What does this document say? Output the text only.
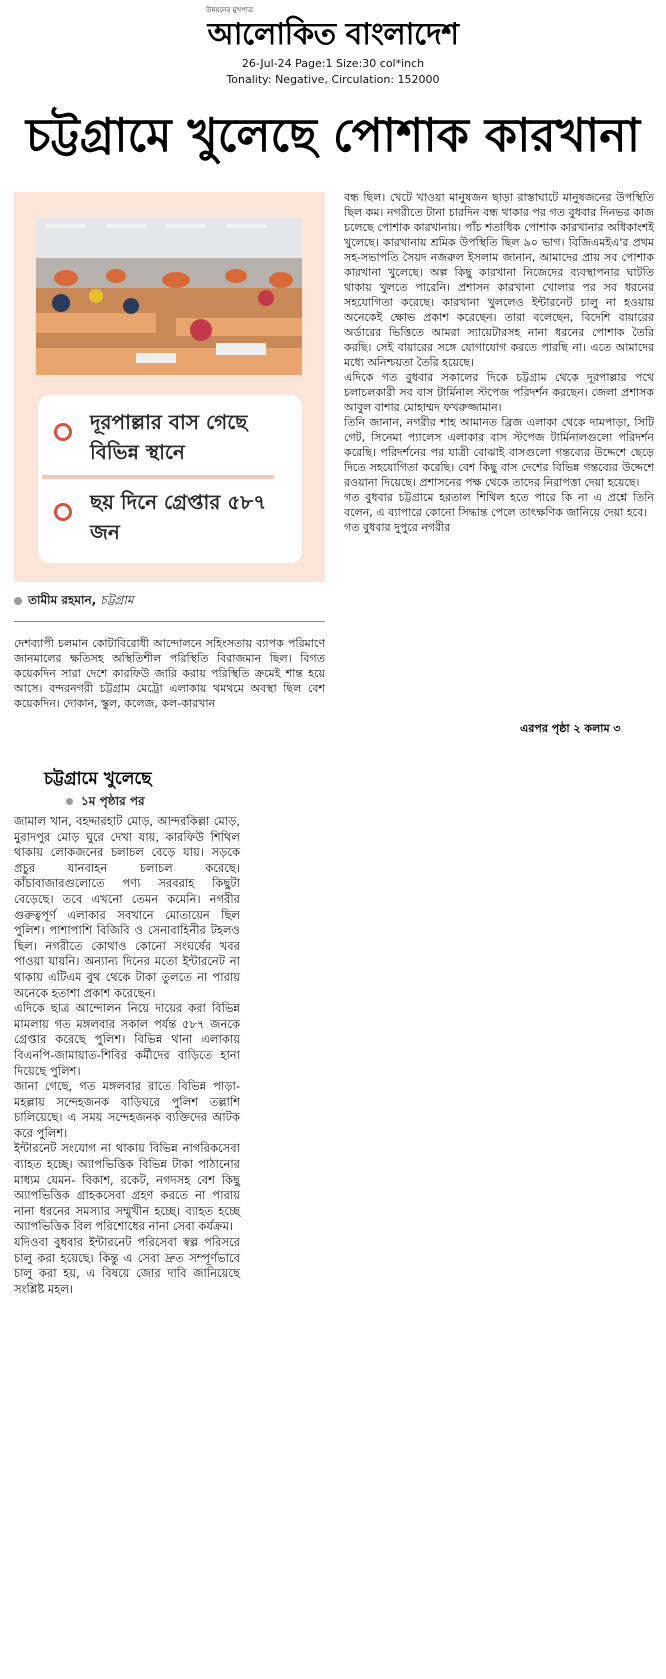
উন্নয়নের মুখপাত্র
আলোকিত বাংলাদেশ
26-Jul-24 Page:1 Size:30 col*inch
Tonality: Negative, Circulation: 152000
চট্টগ্রামে খুলেছে পোশাক কারখানা
দূরপাল্লার বাস গেছে বিভিন্ন স্থানে
ছয় দিনে গ্রেপ্তার ৫৮৭ জন
তামীম রহমান, চট্টগ্রাম

দেশব্যাপী চলমান কোটাবিরোধী আন্দোলনে সহিংসতায় ব্যাপক পরিমাণে জানমালের ক্ষতিসহ অস্থিতিশীল পরিস্থিতি বিরাজমান ছিল। বিগত কয়েকদিন সারা দেশে কারফিউ জারি করায় পরিস্থিতি ক্রমেই শান্ত হয়ে আসে। বন্দরনগরী চট্টগ্রাম মেট্রো এলাকায় থমথমে অবস্থা ছিল বেশ কয়েকদিন। দোকান, স্কুল, কলেজ, কল-কারখান

বন্ধ ছিল। খেটে খাওয়া মানুষজন ছাড়া রাস্তাঘাটে মানুষজনের উপস্থিতি ছিল কম। নগরীতে টানা চারদিন বন্ধ থাকার পর গত বুধবার দিনভর কাজ চলেছে পোশাক কারখানায়। পাঁচ শতাধিক পোশাক কারখানার অধিকাংশই খুলেছে। কারখানায় শ্রমিক উপস্থিতি ছিল ৯০ ভাগ। বিজিএমইএ'র প্রথম সহ-সভাপতি সৈয়দ নজরুল ইসলাম জানান, আমাদের প্রায় সব পোশাক কারখানা খুলেছে। অল্প কিছু কারখানা নিজেদের ব্যবস্থাপনার ঘাটতি থাকায় খুলতে পারেনি। প্রশাসন কারখানা খোলার পর সব ধরনের সহযোগিতা করেছে। কারখানা খুললেও ইন্টারনেট চালু না হওয়ায় অনেকেই ক্ষোভ প্রকাশ করেছেন। তারা বলেছেন, বিদেশি বায়ারের অর্ডারের ভিত্তিতে আমরা স্যায়েটারসহ নানা ধরনের পোশাক তৈরি করছি। সেই বায়ারের সঙ্গে যোগাযোগ করতে পারছি না। এতে আমাদের মধ্যে অনিশ্চয়তা তৈরি হয়েছে।

এদিকে গত বুধবার সকালের দিকে চট্টগ্রাম থেকে দূরপাল্লার পথে চলাচলকারী সব বাস টার্মিনাল স্টপেজ পরিদর্শন করছেন। জেলা প্রশাসক আবুল বাশার মোহাম্মদ ফখরুজ্জামান।

তিনি জানান, নগরীর শাহ আমানত ব্রিজ এলাকা থেকে দামপাড়া, সিটি গেট, সিনেমা প্যালেস এলাকার বাস স্টপেজ টার্মিনালগুলো পরিদর্শন করেছি। পরিদর্শনের পর যাত্রী বোঝাই বাসগুলো গন্তব্যের উদ্দেশে ছেড়ে দিতে সহযোগিতা করেছি। বেশ কিছু বাস দেশের বিভিন্ন গন্তব্যের উদ্দেশে রওয়ানা দিয়েছে। প্রশাসনের পক্ষ থেকে তাদের নিরাপত্তা দেয়া হয়েছে।

গত বুধবার চট্টগ্রামে হরতাল শিথিল হতে পারে কি না এ প্রশ্নে তিনি বলেন, এ ব্যাপারে কোনো সিদ্ধান্ত পেলে তাৎক্ষণিক জানিয়ে দেয়া হবে।

গত বুধবার দুপুরে নগরীর

এরপর পৃষ্ঠা ২ কলাম ৩
চট্টগ্রামে খুলেছে
১ম পৃষ্ঠার পর

জামাল খান, বহদ্দারহাট মোড়, আন্দরকিল্লা মোড়, মুরাদপুর মোড় ঘুরে দেখা যায়, কারফিউ শিথিল থাকায় লোকজনের চলাচল বেড়ে যায়। সড়কে প্রচুর যানবাহন চলাচল করেছে। কাঁচাবাজারগুলোতে পণ্য সরবরাহ কিছুটা বেড়েছে। তবে এখনো তেমন কমেনি। নগরীর গুরুত্বপূর্ণ এলাকার সবখানে মোতায়েন ছিল পুলিশ। পাশাপাশি বিজিবি ও সেনাবাহিনীর টহলও ছিল। নগরীতে কোথাও কোনো সংঘর্ষের খবর পাওয়া যায়নি। অন্যান্য দিনের মতো ইন্টারনেট না থাকায় এটিএম বুথ থেকে টাকা তুলতে না পারায় অনেকে হতাশা প্রকাশ করেছেন।

এদিকে ছাত্র আন্দোলন নিয়ে দায়ের করা বিভিন্ন মামলায় গত মঙ্গলবার সকাল পর্যন্ত ৫৮৭ জনকে গ্রেপ্তার করেছে পুলিশ। বিভিন্ন থানা এলাকায় বিএনপি-জামায়াত-শিবির কর্মীদের বাড়িতে হানা দিয়েছে পুলিশ।

জানা গেছে, গত মঙ্গলবার রাতে বিভিন্ন পাড়া-মহল্লায় সন্দেহজনক বাড়িঘরে পুলিশ তল্লাশি চালিয়েছে। এ সময় সন্দেহজনক ব্যক্তিদের আটক করে পুলিশ।

ইন্টারনেট সংযোগ না থাকায় বিভিন্ন নাগরিকসেবা ব্যাহত হচ্ছে। অ্যাপভিত্তিক বিভিন্ন টাকা পাঠানোর মাধ্যম যেমন- বিকাশ, রকেট, নগদসহ বেশ কিছু অ্যাপভিত্তিক গ্রাহকসেবা গ্রহণ করতে না পারায় নানা ধরনের সমস্যার সম্মুখীন হচ্ছে। ব্যাহত হচ্ছে অ্যাপভিত্তিক বিল পরিশোধের নানা সেবা কর্যক্রম।

যদিওবা বুধবার ইন্টারনেট পরিসেবা স্বল্প পরিসরে চালু করা হয়েছে। কিন্তু এ সেবা দ্রুত সম্পূর্ণভাবে চালু করা হয়, এ বিষয়ে জোর দাবি জানিয়েছে সংশ্লিষ্ট মহল।
